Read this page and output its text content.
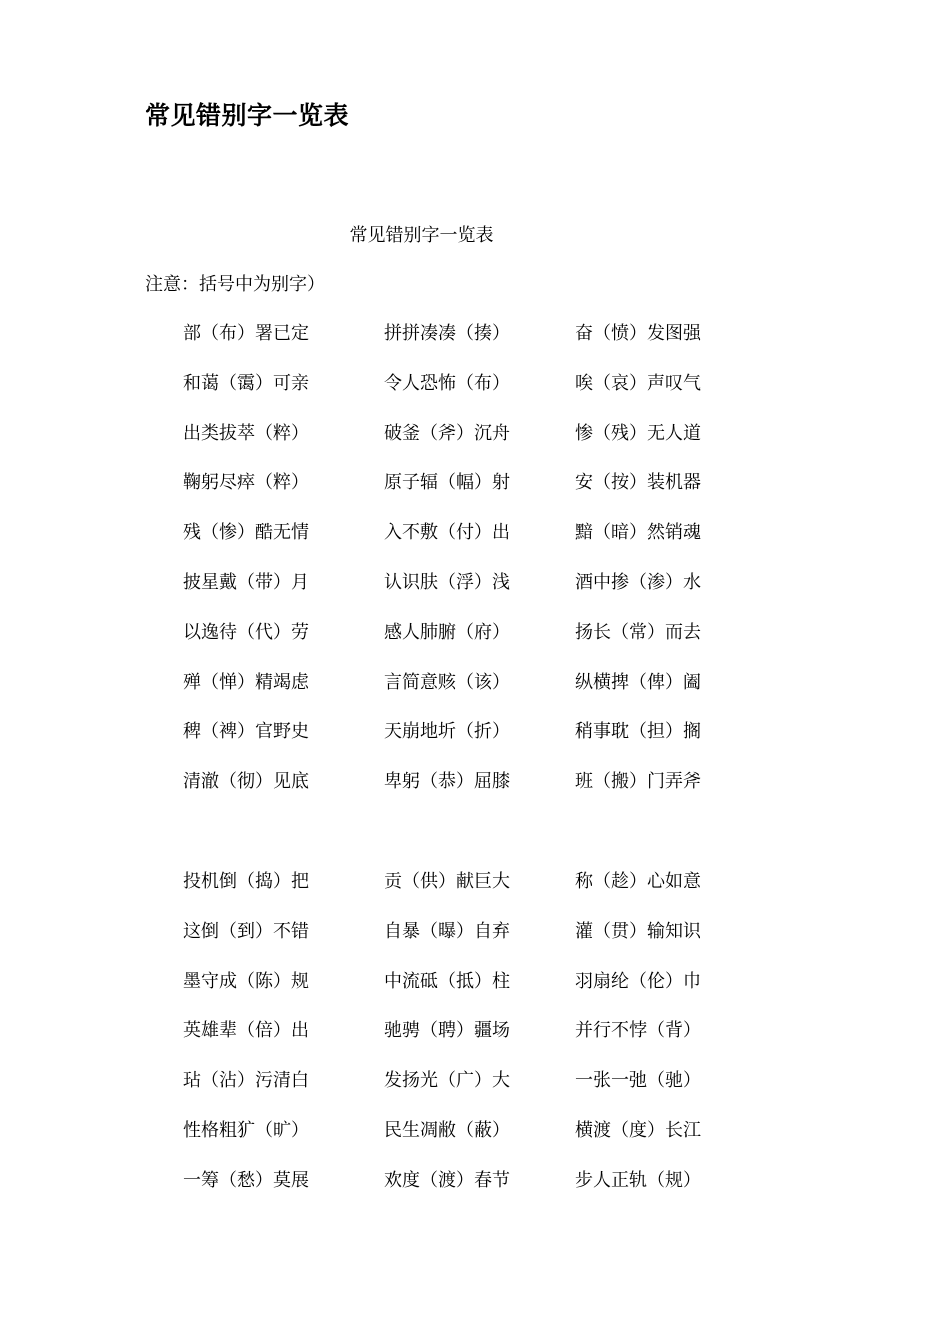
常见错别字一览表
常见错别字一览表
注意：括号中为别字）
部（布）署已定	拼拼凑凑（揍）	奋（愤）发图强
和蔼（霭）可亲	令人恐怖（布）	唉（哀）声叹气
出类拔萃（粹）	破釜（斧）沉舟	惨（残）无人道
鞠躬尽瘁（粹）	原子辐（幅）射	安（按）装机器
残（惨）酷无情	入不敷（付）出	黯（暗）然销魂
披星戴（带）月	认识肤（浮）浅	酒中掺（渗）水
以逸待（代）劳	感人肺腑（府）	扬长（常）而去
殚（惮）精竭虑	言简意赅（该）	纵横捭（俾）阖
稗（裨）官野史	天崩地圻（折）	稍事耽（担）搁
清澈（彻）见底	卑躬（恭）屈膝	班（搬）门弄斧
投机倒（捣）把	贡（供）献巨大	称（趁）心如意
这倒（到）不错	自暴（曝）自弃	灌（贯）输知识
墨守成（陈）规	中流砥（抵）柱	羽扇纶（伦）巾
英雄辈（倍）出	驰骋（聘）疆场	并行不悖（背）
玷（沾）污清白	发扬光（广）大	一张一弛（驰）
性格粗犷（旷）	民生凋敝（蔽）	横渡（度）长江
一筹（愁）莫展	欢度（渡）春节	步人正轨（规）
